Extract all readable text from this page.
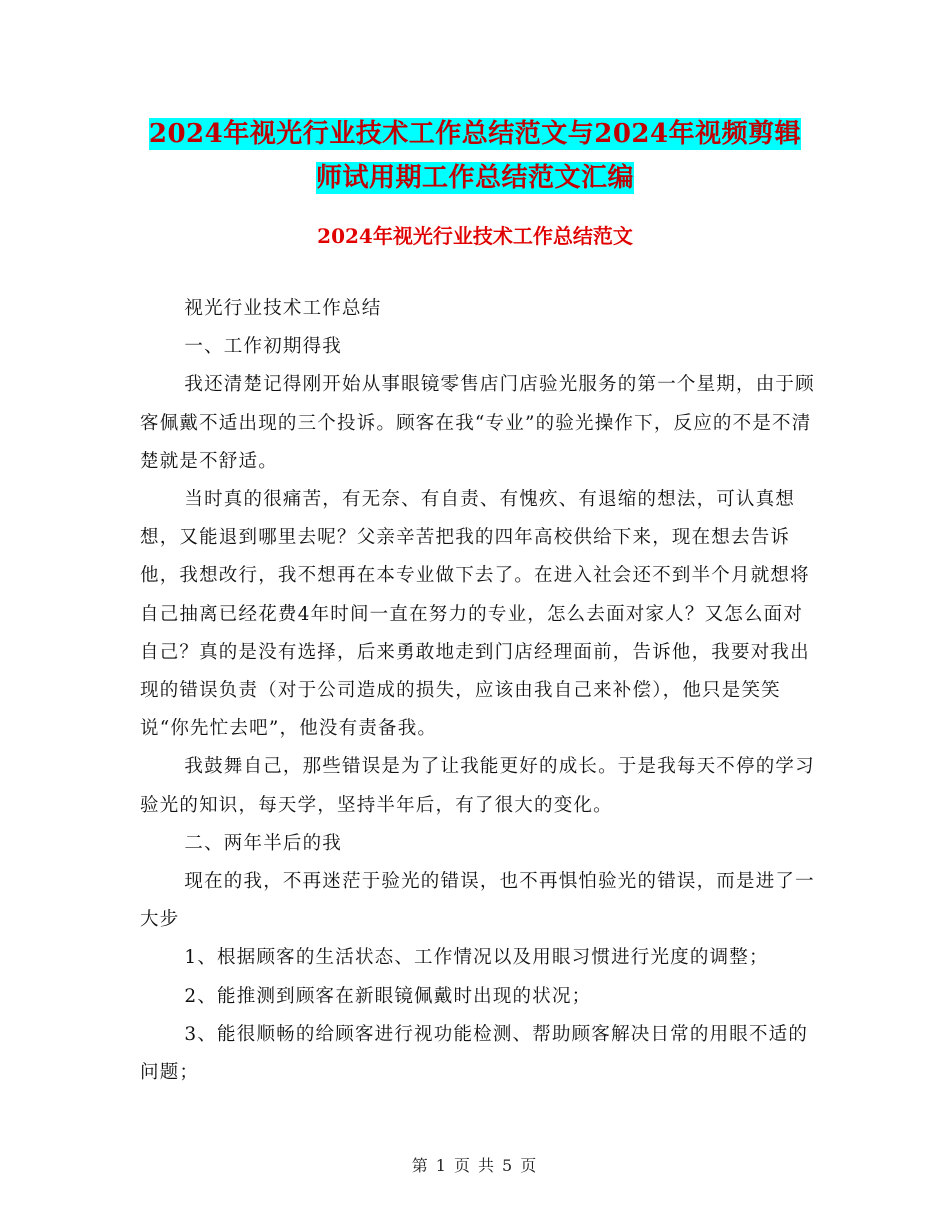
2024年视光行业技术工作总结范文与2024年视频剪辑
师试用期工作总结范文汇编
2024年视光行业技术工作总结范文

视光行业技术工作总结

一、工作初期得我

我还清楚记得刚开始从事眼镜零售店门店验光服务的第一个星期，由于顾客佩戴不适出现的三个投诉。顾客在我“专业”的验光操作下，反应的不是不清楚就是不舒适。

当时真的很痛苦，有无奈、有自责、有愧疚、有退缩的想法，可认真想想，又能退到哪里去呢？父亲辛苦把我的四年高校供给下来，现在想去告诉他，我想改行，我不想再在本专业做下去了。在进入社会还不到半个月就想将自己抽离已经花费4年时间一直在努力的专业，怎么去面对家人？又怎么面对自己？真的是没有选择，后来勇敢地走到门店经理面前，告诉他，我要对我出现的错误负责（对于公司造成的损失，应该由我自己来补偿），他只是笑笑说“你先忙去吧”，他没有责备我。

我鼓舞自己，那些错误是为了让我能更好的成长。于是我每天不停的学习验光的知识，每天学，坚持半年后，有了很大的变化。

二、两年半后的我

现在的我，不再迷茫于验光的错误，也不再惧怕验光的错误，而是进了一大步

1、根据顾客的生活状态、工作情况以及用眼习惯进行光度的调整；

2、能推测到顾客在新眼镜佩戴时出现的状况；

3、能很顺畅的给顾客进行视功能检测、帮助顾客解决日常的用眼不适的问题；

第 1 页 共 5 页
